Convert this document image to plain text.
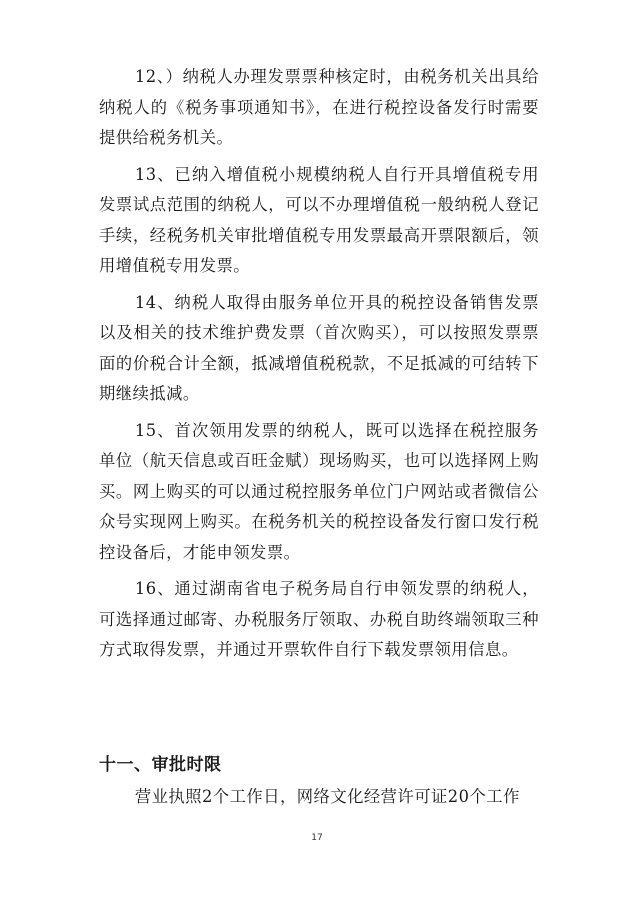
12、）纳税人办理发票票种核定时，由税务机关出具给纳税人的《税务事项通知书》，在进行税控设备发行时需要提供给税务机关。

13、已纳入增值税小规模纳税人自行开具增值税专用发票试点范围的纳税人，可以不办理增值税一般纳税人登记手续，经税务机关审批增值税专用发票最高开票限额后，领用增值税专用发票。

14、纳税人取得由服务单位开具的税控设备销售发票以及相关的技术维护费发票（首次购买），可以按照发票票面的价税合计全额，抵减增值税税款，不足抵减的可结转下期继续抵减。

15、首次领用发票的纳税人，既可以选择在税控服务单位（航天信息或百旺金赋）现场购买，也可以选择网上购买。网上购买的可以通过税控服务单位门户网站或者微信公众号实现网上购买。在税务机关的税控设备发行窗口发行税控设备后，才能申领发票。

16、通过湖南省电子税务局自行申领发票的纳税人，可选择通过邮寄、办税服务厅领取、办税自助终端领取三种方式取得发票，并通过开票软件自行下载发票领用信息。

十一、审批时限

营业执照2个工作日，网络文化经营许可证20个工作

17
